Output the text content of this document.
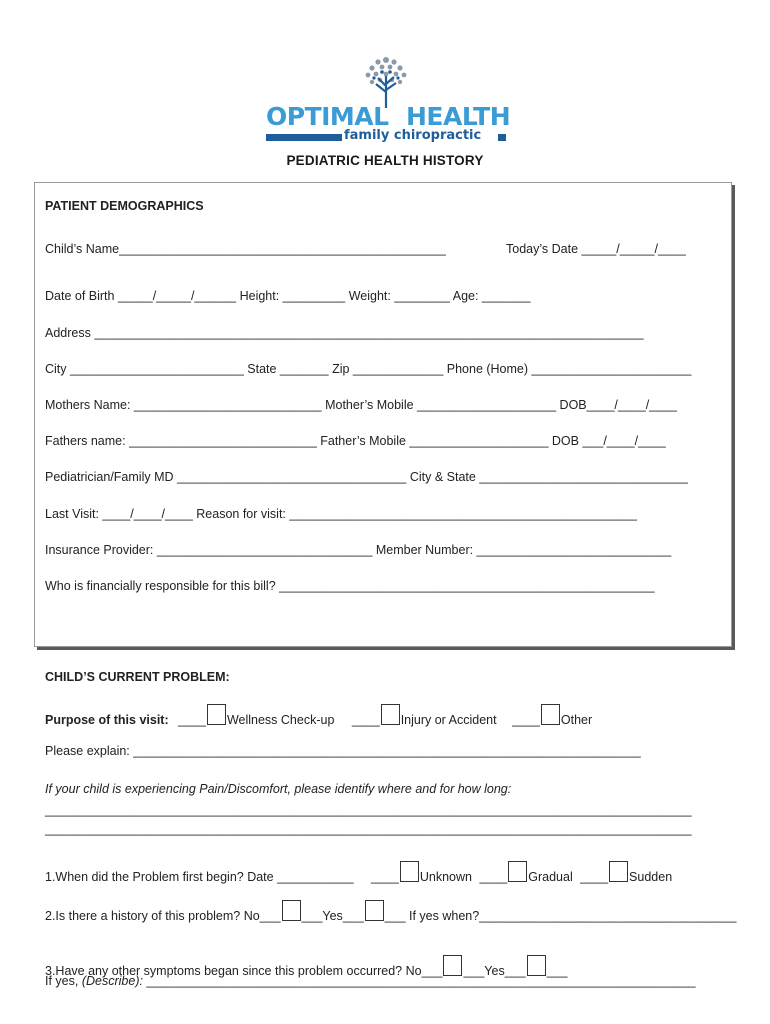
OPTIMAL HEALTH
family chiropractic
PEDIATRIC HEALTH HISTORY
PATIENT DEMOGRAPHICS
Child’s Name_______________________________________________	Today’s Date _____/_____/____
Date of Birth _____/_____/______ Height: _________ Weight: ________ Age: _______
Address _______________________________________________________________________________
City _________________________ State _______ Zip _____________ Phone (Home) _______________________
Mothers Name: ___________________________ Mother’s Mobile ____________________ DOB____/____/____
Fathers name: ___________________________ Father’s Mobile ____________________ DOB ___/____/____
Pediatrician/Family MD _________________________________ City & State ______________________________
Last Visit: ____/____/____ Reason for visit: __________________________________________________
Insurance Provider: _______________________________ Member Number: ____________________________
Who is financially responsible for this bill? ______________________________________________________
CHILD’S CURRENT PROBLEM:
Purpose of this visit: ____ Wellness Check-up ____ Injury or Accident ____ Other
Please explain: _________________________________________________________________________
If your child is experiencing Pain/Discomfort, please identify where and for how long:
_____________________________________________________________________________________________
_____________________________________________________________________________________________
1.When did the Problem first begin? Date ___________ ____ Unknown ____ Gradual ____ Sudden
2.Is there a history of this problem? No___ ___Yes___ ___ If yes when?_____________________________________
3.Have any other symptoms began since this problem occurred? No___ ___Yes___ ___
If yes, (Describe): _______________________________________________________________________________
